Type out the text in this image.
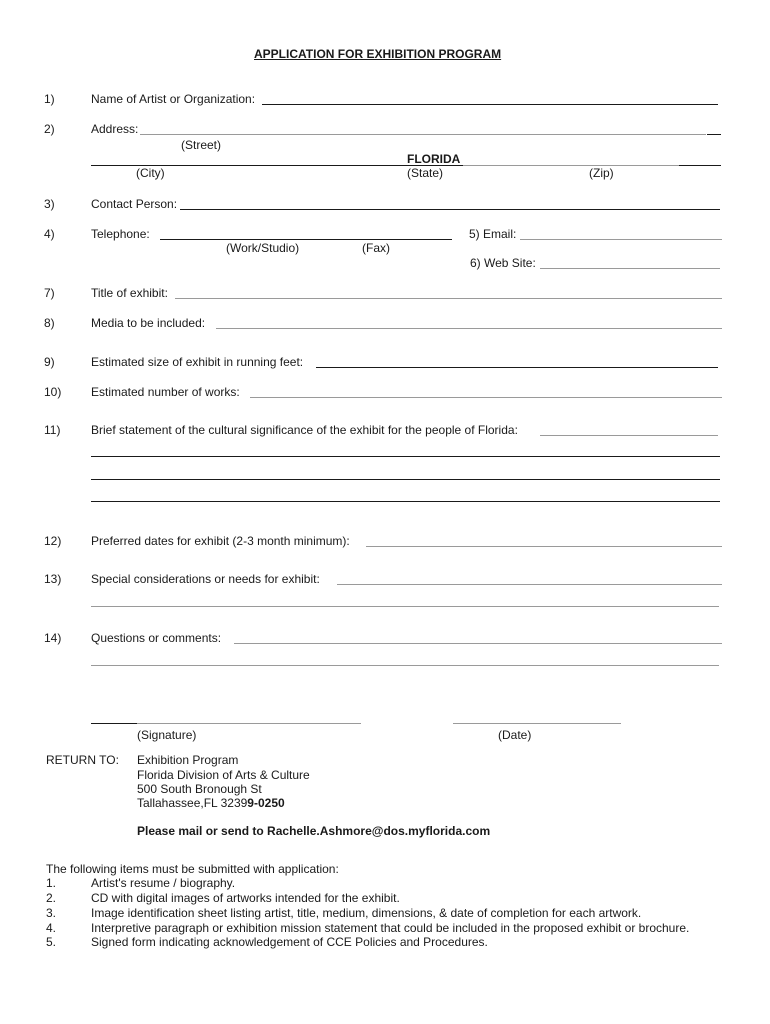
APPLICATION FOR EXHIBITION PROGRAM
1)	Name of Artist or Organization:
2)	Address:
(Street)
FLORIDA
(City)	(State)	(Zip)
3)	Contact Person:
4)	Telephone:
(Work/Studio)	(Fax)
5) Email:
6) Web Site:
7)	Title of exhibit:
8)	Media to be included:
9)	Estimated size of exhibit in running feet:
10) Estimated number of works:
11)	Brief statement of the cultural significance of the exhibit for the people of Florida:
12) Preferred dates for exhibit (2-3 month minimum):
13) Special considerations or needs for exhibit:
14) Questions or comments:
(Signature)	(Date)
RETURN TO: Exhibition Program
Florida Division of Arts & Culture
500 South Bronough St
Tallahassee,FL 32399-0250
Please mail or send to Rachelle.Ashmore@dos.myflorida.com
The following items must be submitted with application:
1.	Artist's resume / biography.
2.	CD with digital images of artworks intended for the exhibit.
3.	Image identification sheet listing artist, title, medium, dimensions, & date of completion for each artwork.
4.	Interpretive paragraph or exhibition mission statement that could be included in the proposed exhibit or brochure.
5.	Signed form indicating acknowledgement of CCE Policies and Procedures.
